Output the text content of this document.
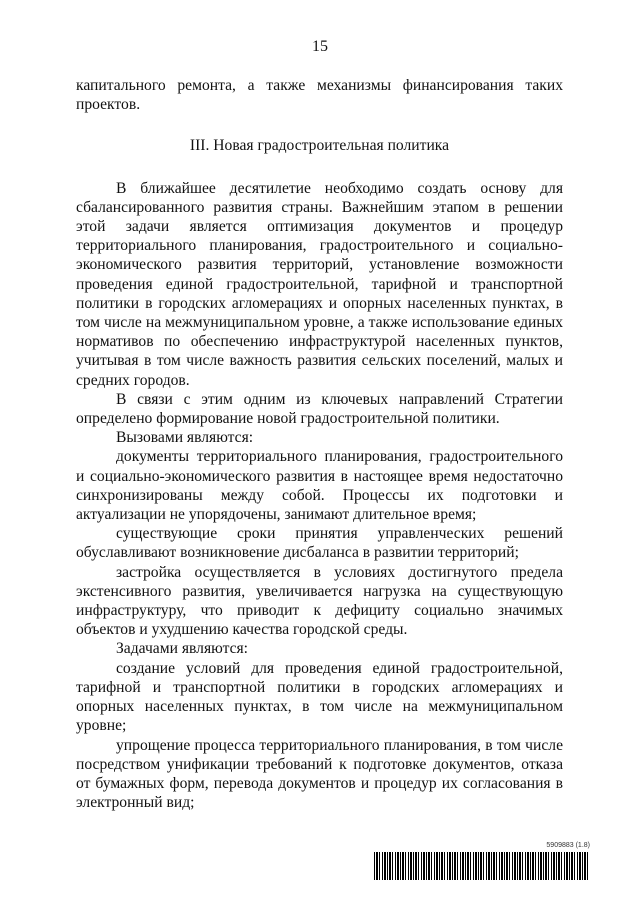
15

капитального ремонта, а также механизмы финансирования таких проектов.

III. Новая градостроительная политика

В ближайшее десятилетие необходимо создать основу для сбалансированного развития страны. Важнейшим этапом в решении этой задачи является оптимизация документов и процедур территориального планирования, градостроительного и социально-экономического развития территорий, установление возможности проведения единой градостроительной, тарифной и транспортной политики в городских агломерациях и опорных населенных пунктах, в том числе на межмуниципальном уровне, а также использование единых нормативов по обеспечению инфраструктурой населенных пунктов, учитывая в том числе важность развития сельских поселений, малых и средних городов.

В связи с этим одним из ключевых направлений Стратегии определено формирование новой градостроительной политики.

Вызовами являются:

документы территориального планирования, градостроительного и социально-экономического развития в настоящее время недостаточно синхронизированы между собой. Процессы их подготовки и актуализации не упорядочены, занимают длительное время;

существующие сроки принятия управленческих решений обуславливают возникновение дисбаланса в развитии территорий;

застройка осуществляется в условиях достигнутого предела экстенсивного развития, увеличивается нагрузка на существующую инфраструктуру, что приводит к дефициту социально значимых объектов и ухудшению качества городской среды.

Задачами являются:

создание условий для проведения единой градостроительной, тарифной и транспортной политики в городских агломерациях и опорных населенных пунктах, в том числе на межмуниципальном уровне;

упрощение процесса территориального планирования, в том числе посредством унификации требований к подготовке документов, отказа от бумажных форм, перевода документов и процедур их согласования в электронный вид;

5909883 (1.8)
